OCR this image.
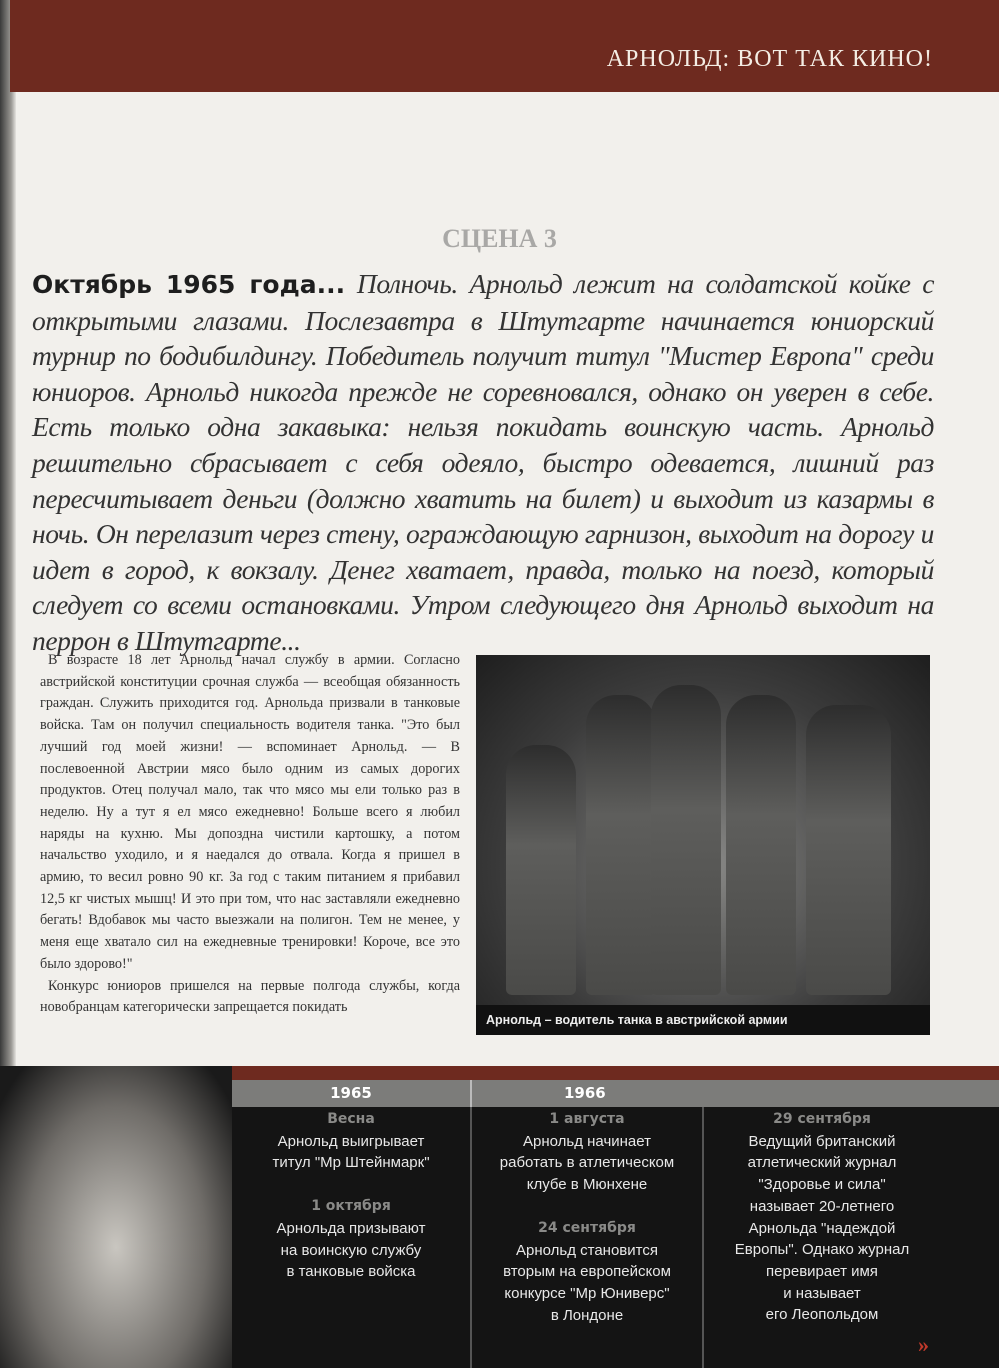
АРНОЛЬД: ВОТ ТАК КИНО!
СЦЕНА 3
Октябрь 1965 года... Полночь. Арнольд лежит на солдатской койке с открытыми глазами. Послезавтра в Штутгарте начинается юниорский турнир по бодибилдингу. Победитель получит титул "Мистер Европа" среди юниоров. Арнольд никогда прежде не соревновался, однако он уверен в себе. Есть только одна закавыка: нельзя покидать воинскую часть. Арнольд решительно сбрасывает с себя одеяло, быстро одевается, лишний раз пересчитывает деньги (должно хватить на билет) и выходит из казармы в ночь. Он перелазит через стену, ограждающую гарнизон, выходит на дорогу и идет в город, к вокзалу. Денег хватает, правда, только на поезд, который следует со всеми остановками. Утром следующего дня Арнольд выходит на перрон в Штутгарте...

В возрасте 18 лет Арнольд начал службу в армии. Согласно австрийской конституции срочная служба — всеобщая обязанность граждан. Служить приходится год. Арнольда призвали в танковые войска. Там он получил специальность водителя танка. "Это был лучший год моей жизни! — вспоминает Арнольд. — В послевоенной Австрии мясо было одним из самых дорогих продуктов. Отец получал мало, так что мясо мы ели только раз в неделю. Ну а тут я ел мясо ежедневно! Больше всего я любил наряды на кухню. Мы допоздна чистили картошку, а потом начальство уходило, и я наедался до отвала. Когда я пришел в армию, то весил ровно 90 кг. За год с таким питанием я прибавил 12,5 кг чистых мышц! И это при том, что нас заставляли ежедневно бегать! Вдобавок мы часто выезжали на полигон. Тем не менее, у меня еще хватало сил на ежедневные тренировки! Короче, все это было здорово!"

Конкурс юниоров пришелся на первые полгода службы, когда новобранцам категорически запрещается покидать

Арнольд – водитель танка в австрийской армии
1965	1966
Весна
Арнольд выигрывает
титул "Мр Штейнмарк"
1 октября
Арнольда призывают
на воинскую службу
в танковые войска
1 августа
Арнольд начинает
работать в атлетическом
клубе в Мюнхене
24 сентября
Арнольд становится
вторым на европейском
конкурсе "Мр Юниверс"
в Лондоне
29 сентября
Ведущий британский
атлетический журнал
"Здоровье и сила"
называет 20-летнего
Арнольда "надеждой
Европы". Однако журнал
перевирает имя
и называет
его Леопольдом
»
